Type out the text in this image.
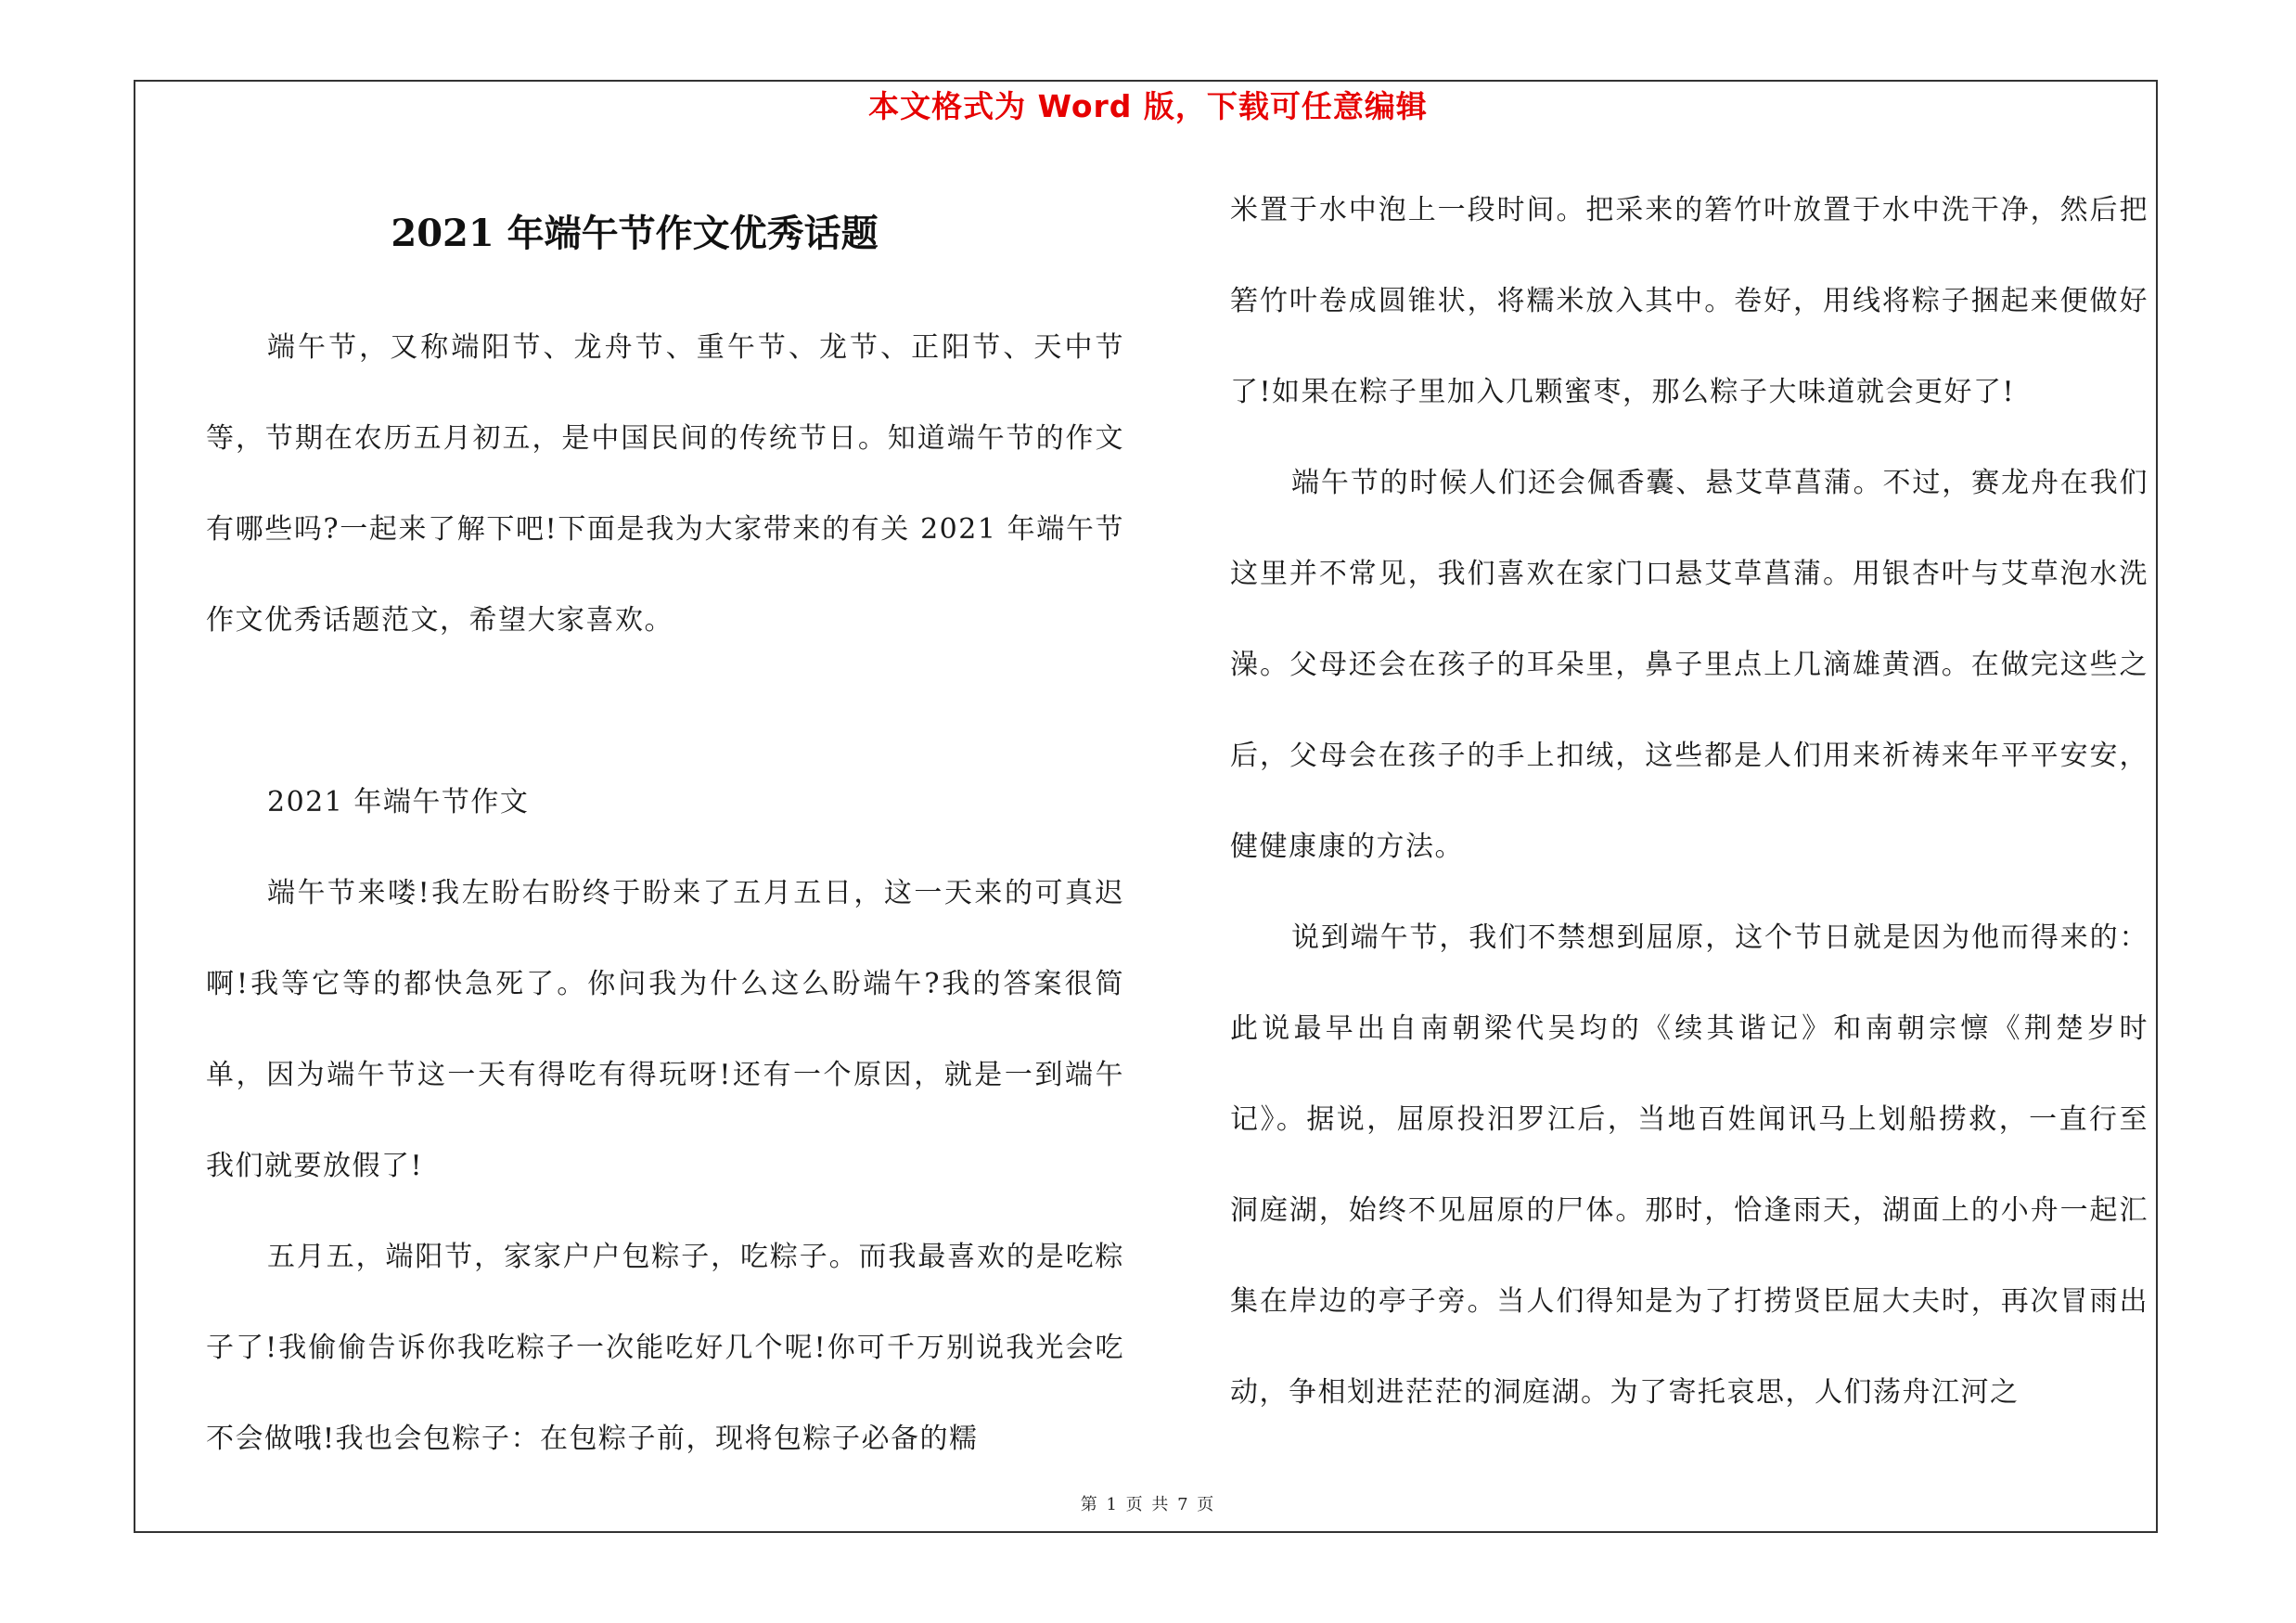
本文格式为 Word 版，下载可任意编辑
2021 年端午节作文优秀话题

端午节，又称端阳节、龙舟节、重午节、龙节、正阳节、天中节等，节期在农历五月初五，是中国民间的传统节日。知道端午节的作文有哪些吗?一起来了解下吧!下面是我为大家带来的有关 2021 年端午节作文优秀话题范文，希望大家喜欢。

2021 年端午节作文

端午节来喽!我左盼右盼终于盼来了五月五日，这一天来的可真迟啊!我等它等的都快急死了。你问我为什么这么盼端午?我的答案很简单，因为端午节这一天有得吃有得玩呀!还有一个原因，就是一到端午我们就要放假了!

五月五，端阳节，家家户户包粽子，吃粽子。而我最喜欢的是吃粽子了!我偷偷告诉你我吃粽子一次能吃好几个呢!你可千万别说我光会吃不会做哦!我也会包粽子：在包粽子前，现将包粽子必备的糯

米置于水中泡上一段时间。把采来的箬竹叶放置于水中洗干净，然后把箬竹叶卷成圆锥状，将糯米放入其中。卷好，用线将粽子捆起来便做好了!如果在粽子里加入几颗蜜枣，那么粽子大味道就会更好了!

端午节的时候人们还会佩香囊、悬艾草菖蒲。不过，赛龙舟在我们这里并不常见，我们喜欢在家门口悬艾草菖蒲。用银杏叶与艾草泡水洗澡。父母还会在孩子的耳朵里，鼻子里点上几滴雄黄酒。在做完这些之后，父母会在孩子的手上扣绒，这些都是人们用来祈祷来年平平安安，健健康康的方法。

说到端午节，我们不禁想到屈原，这个节日就是因为他而得来的：此说最早出自南朝梁代吴均的《续其谐记》和南朝宗懔《荆楚岁时记》。据说，屈原投汨罗江后，当地百姓闻讯马上划船捞救，一直行至洞庭湖，始终不见屈原的尸体。那时，恰逢雨天，湖面上的小舟一起汇集在岸边的亭子旁。当人们得知是为了打捞贤臣屈大夫时，再次冒雨出动，争相划进茫茫的洞庭湖。为了寄托哀思，人们荡舟江河之

第 1 页 共 7 页
